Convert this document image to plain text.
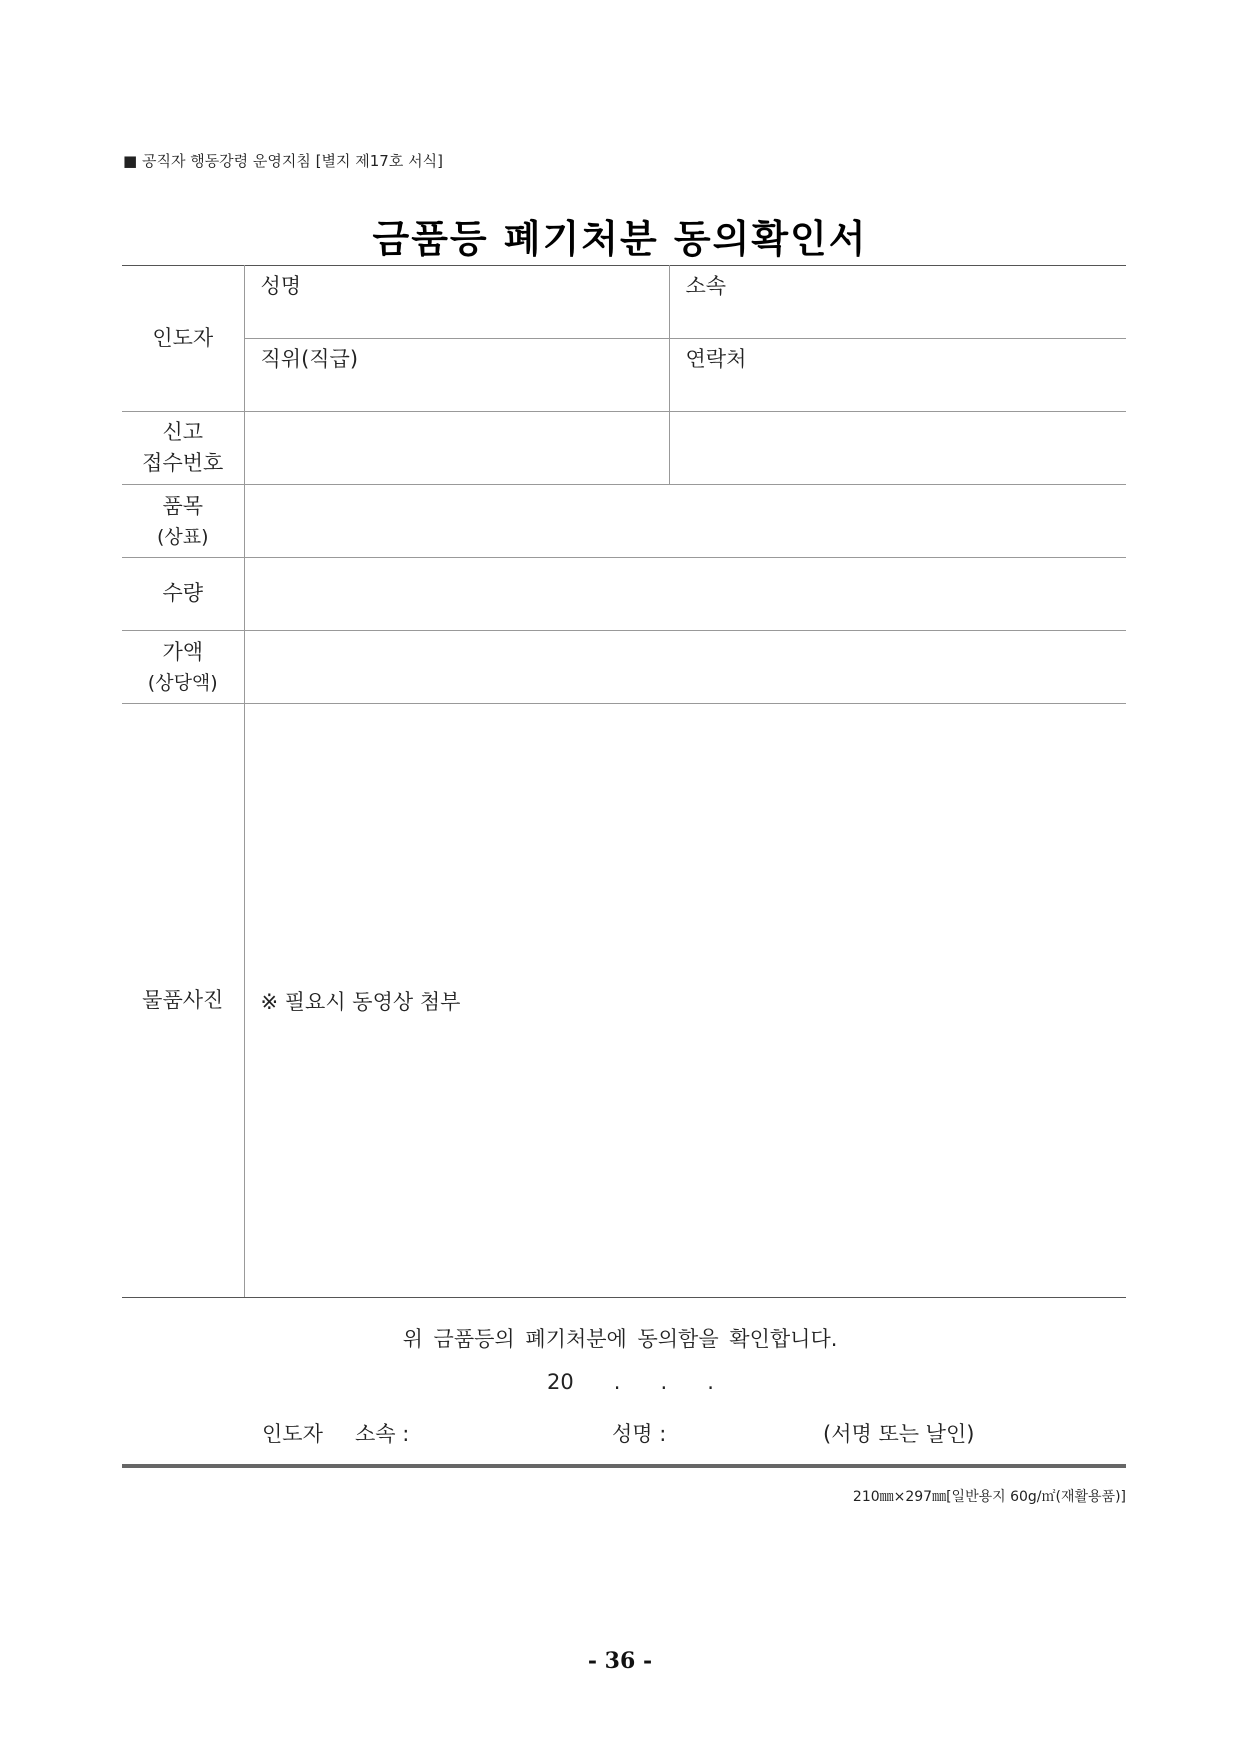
■ 공직자 행동강령 운영지침 [별지 제17호 서식]
금품등 폐기처분 동의확인서
인도자	성명	소속
	직위(직급)	연락처

신고
접수번호		

품목
(상표)		

수량		

가액
(상당액)		

물품사진	※ 필요시 동영상 첨부	
위 금품등의 폐기처분에 동의함을 확인합니다.
20      .      .      .
인도자 소속 :	성명 :	(서명 또는 날인)
210㎜×297㎜[일반용지 60g/㎡(재활용품)]
- 36 -
